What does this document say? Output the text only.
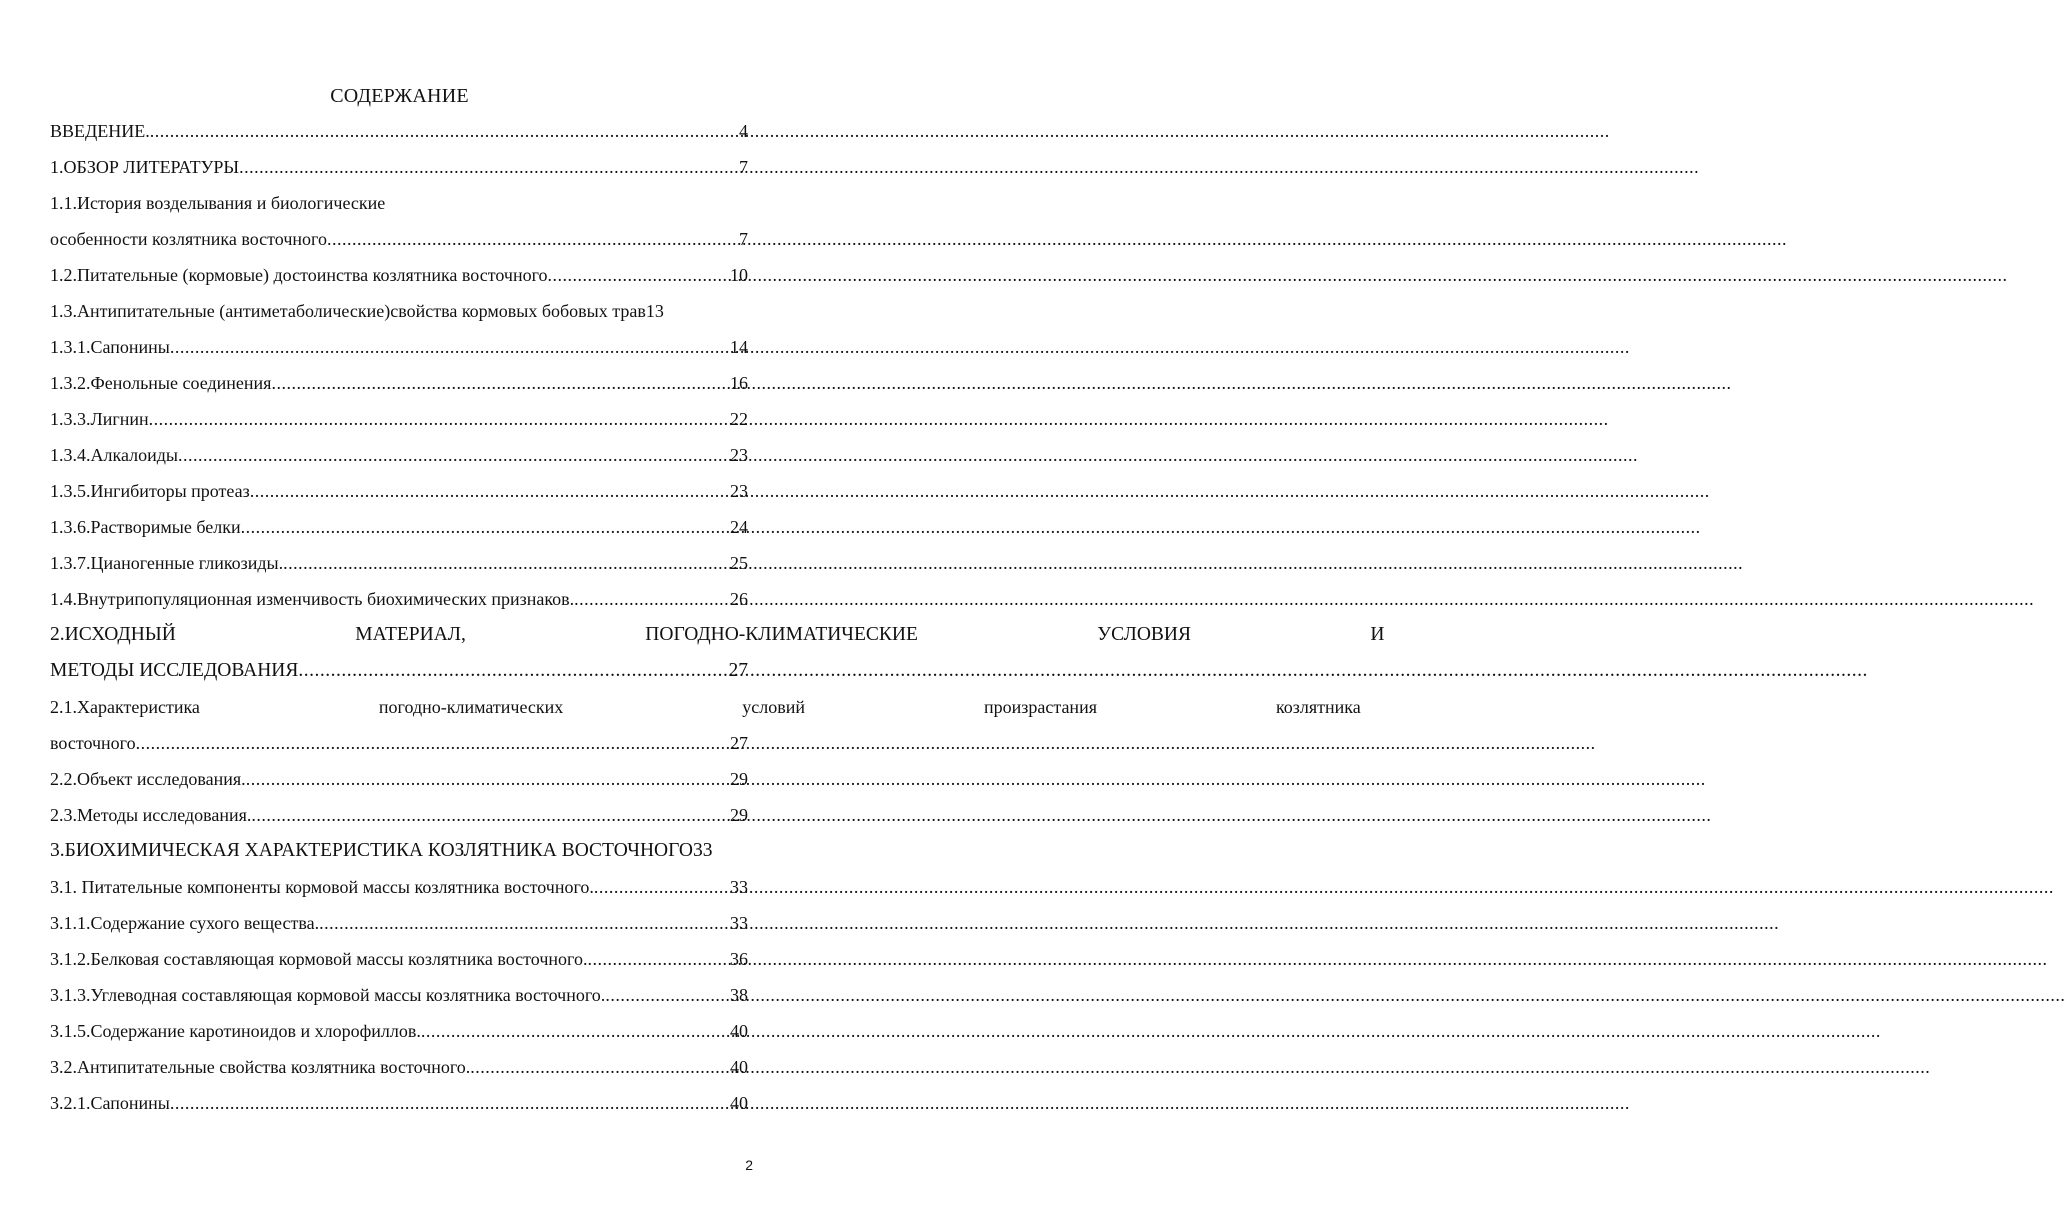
СОДЕРЖАНИЕ
ВВЕДЕНИЕ. .....	4
1.ОБЗОР ЛИТЕРАТУРЫ .....	7
1.1.История возделывания и биологические
особенности козлятника восточного .....	7
1.2.Питательные (кормовые) достоинства козлятника восточного .....	10
1.3.Антипитательные (антиметаболические)свойства кормовых бобовых трав 13
1.3.1.Сапонины .....	14
1.3.2.Фенольные соединения .....	16
1.3.3.Лигнин .....	22
1.3.4.Алкалоиды .....	23
1.3.5.Ингибиторы протеаз .....	23
1.3.6.Растворимые белки .....	24
1.3.7.Цианогенные гликозиды. .....	25
1.4.Внутрипопуляционная изменчивость биохимических признаков. .....	26
2.ИСХОДНЫЙ МАТЕРИАЛ, ПОГОДНО-КЛИМАТИЧЕСКИЕ УСЛОВИЯ И
МЕТОДЫ ИССЛЕДОВАНИЯ .....	27
2.1.Характеристика погодно-климатических условий произрастания козлятника
восточного .....	27
2.2.Объект исследования. .....	29
2.3.Методы исследования. .....	29
3.БИОХИМИЧЕСКАЯ ХАРАКТЕРИСТИКА КОЗЛЯТНИКА ВОСТОЧНОГО 33
3.1. Питательные компоненты кормовой массы козлятника восточного. .....	33
3.1.1.Содержание сухого вещества. .....	33
3.1.2.Белковая составляющая кормовой массы козлятника восточного. .....	36
3.1.3.Углеводная составляющая кормовой массы козлятника восточного. .....	38
3.1.5.Содержание каротиноидов и хлорофиллов. .....	40
3.2.Антипитательные свойства козлятника восточного. .....	40
3.2.1.Сапонины .....	40
2
